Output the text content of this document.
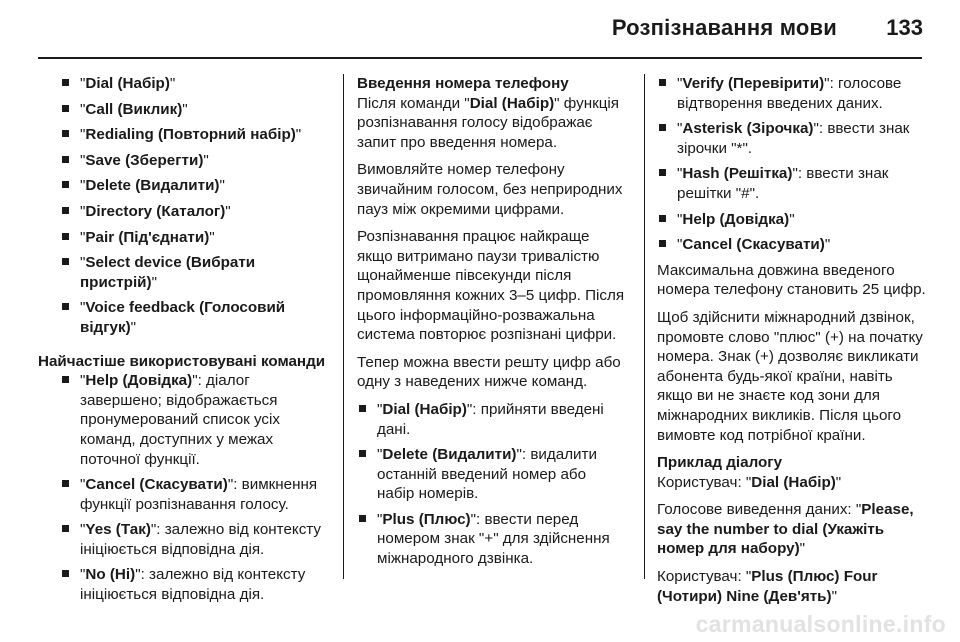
Розпізнавання мови 133
"Dial (Набір)"
"Call (Виклик)"
"Redialing (Повторний набір)"
"Save (Зберегти)"
"Delete (Видалити)"
"Directory (Каталог)"
"Pair (Під'єднати)"
"Select device (Вибрати пристрій)"
"Voice feedback (Голосовий відгук)"
Найчастіше використовувані команди
"Help (Довідка)": діалог завершено; відображається пронумерований список усіх команд, доступних у межах поточної функції.
"Cancel (Скасувати)": вимкнення функції розпізнавання голосу.
"Yes (Так)": залежно від контексту ініціюється відповідна дія.
"No (Ні)": залежно від контексту ініціюється відповідна дія.
Введення номера телефону

Після команди "Dial (Набір)" функція розпізнавання голосу відображає запит про введення номера.

Вимовляйте номер телефону звичайним голосом, без неприродних пауз між окремими цифрами.

Розпізнавання працює найкраще якщо витримано паузи тривалістю щонайменше півсекунди після промовляння кожних 3–5 цифр. Після цього інформаційно-розважальна система повторює розпізнані цифри.

Тепер можна ввести решту цифр або одну з наведених нижче команд.

"Dial (Набір)": прийняти введені дані.
"Delete (Видалити)": видалити останній введений номер або набір номерів.
"Plus (Плюс)": ввести перед номером знак "+" для здійснення міжнародного дзвінка.
"Verify (Перевірити)": голосове відтворення введених даних.
"Asterisk (Зірочка)": ввести знак зірочки "*".
"Hash (Решітка)": ввести знак решітки "#".
"Help (Довідка)"
"Cancel (Скасувати)"

Максимальна довжина введеного номера телефону становить 25 цифр.

Щоб здійснити міжнародний дзвінок, промовте слово "плюс" (+) на початку номера. Знак (+) дозволяє викликати абонента будь-якої країни, навіть якщо ви не знаєте код зони для міжнародних викликів. Після цього вимовте код потрібної країни.

Приклад діалогу

Користувач: "Dial (Набір)"

Голосове виведення даних: "Please, say the number to dial (Укажіть номер для набору)"

Користувач: "Plus (Плюс) Four (Чотири) Nine (Дев'ять)"

carmanualsonline.info
